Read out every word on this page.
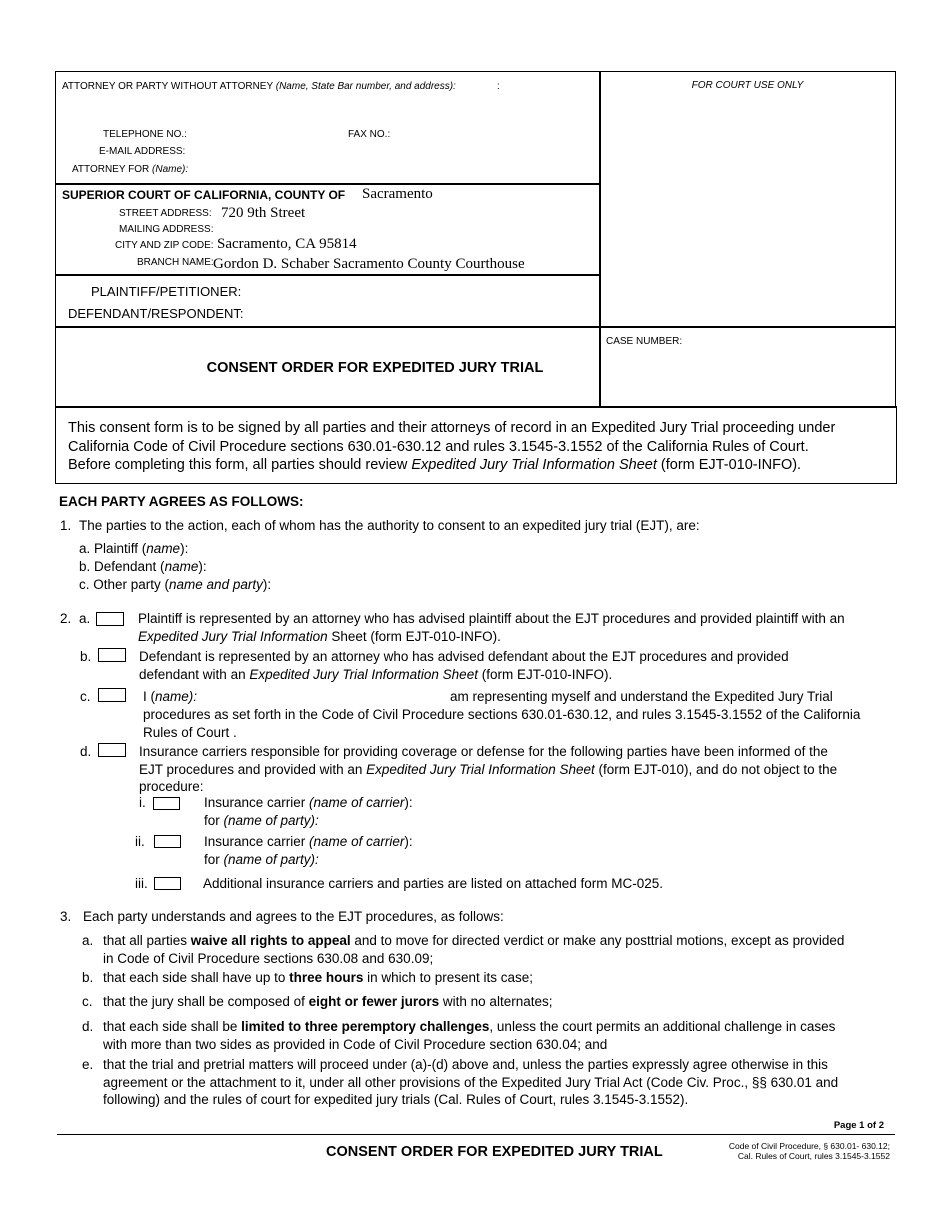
ATTORNEY OR PARTY WITHOUT ATTORNEY (Name, State Bar number, and address):	:
TELEPHONE NO.:	FAX NO.:
E-MAIL ADDRESS:
ATTORNEY FOR (Name):
FOR COURT USE ONLY
SUPERIOR COURT OF CALIFORNIA, COUNTY OF Sacramento
STREET ADDRESS: 720 9th Street
MAILING ADDRESS:
CITY AND ZIP CODE: Sacramento, CA 95814
BRANCH NAME: Gordon D. Schaber Sacramento County Courthouse
PLAINTIFF/PETITIONER:
DEFENDANT/RESPONDENT:
CONSENT ORDER FOR EXPEDITED JURY TRIAL
CASE NUMBER:
This consent form is to be signed by all parties and their attorneys of record in an Expedited Jury Trial proceeding under
California Code of Civil Procedure sections 630.01-630.12 and rules 3.1545-3.1552 of the California Rules of Court.
Before completing this form, all parties should review Expedited Jury Trial Information Sheet (form EJT-010-INFO).
EACH PARTY AGREES AS FOLLOWS:
1. The parties to the action, each of whom has the authority to consent to an expedited jury trial (EJT), are:
a. Plaintiff (name):
b. Defendant (name):
c. Other party (name and party):
2. a.	Plaintiff is represented by an attorney who has advised plaintiff about the EJT procedures and provided plaintiff with an
Expedited Jury Trial Information Sheet (form EJT-010-INFO).
b.	Defendant is represented by an attorney who has advised defendant about the EJT procedures and provided
defendant with an Expedited Jury Trial Information Sheet (form EJT-010-INFO).
c.	I (name):	am representing myself and understand the Expedited Jury Trial
procedures as set forth in the Code of Civil Procedure sections 630.01-630.12, and rules 3.1545-3.1552 of the California
Rules of Court .
d.	Insurance carriers responsible for providing coverage or defense for the following parties have been informed of the
EJT procedures and provided with an Expedited Jury Trial Information Sheet (form EJT-010), and do not object to the
procedure:
i.	Insurance carrier (name of carrier):
for (name of party):
ii.	Insurance carrier (name of carrier):
for (name of party):
iii.	Additional insurance carriers and parties are listed on attached form MC-025.
3. Each party understands and agrees to the EJT procedures, as follows:
a. that all parties waive all rights to appeal and to move for directed verdict or make any posttrial motions, except as provided
in Code of Civil Procedure sections 630.08 and 630.09;
b. that each side shall have up to three hours in which to present its case;
c. that the jury shall be composed of eight or fewer jurors with no alternates;
d. that each side shall be limited to three peremptory challenges, unless the court permits an additional challenge in cases
with more than two sides as provided in Code of Civil Procedure section 630.04; and
e. that the trial and pretrial matters will proceed under (a)-(d) above and, unless the parties expressly agree otherwise in this
agreement or the attachment to it, under all other provisions of the Expedited Jury Trial Act (Code Civ. Proc., §§ 630.01 and
following) and the rules of court for expedited jury trials (Cal. Rules of Court, rules 3.1545-3.1552).
Page 1 of 2
CONSENT ORDER FOR EXPEDITED JURY TRIAL	Code of Civil Procedure, § 630.01- 630.12;
Cal. Rules of Court, rules 3.1545-3.1552
